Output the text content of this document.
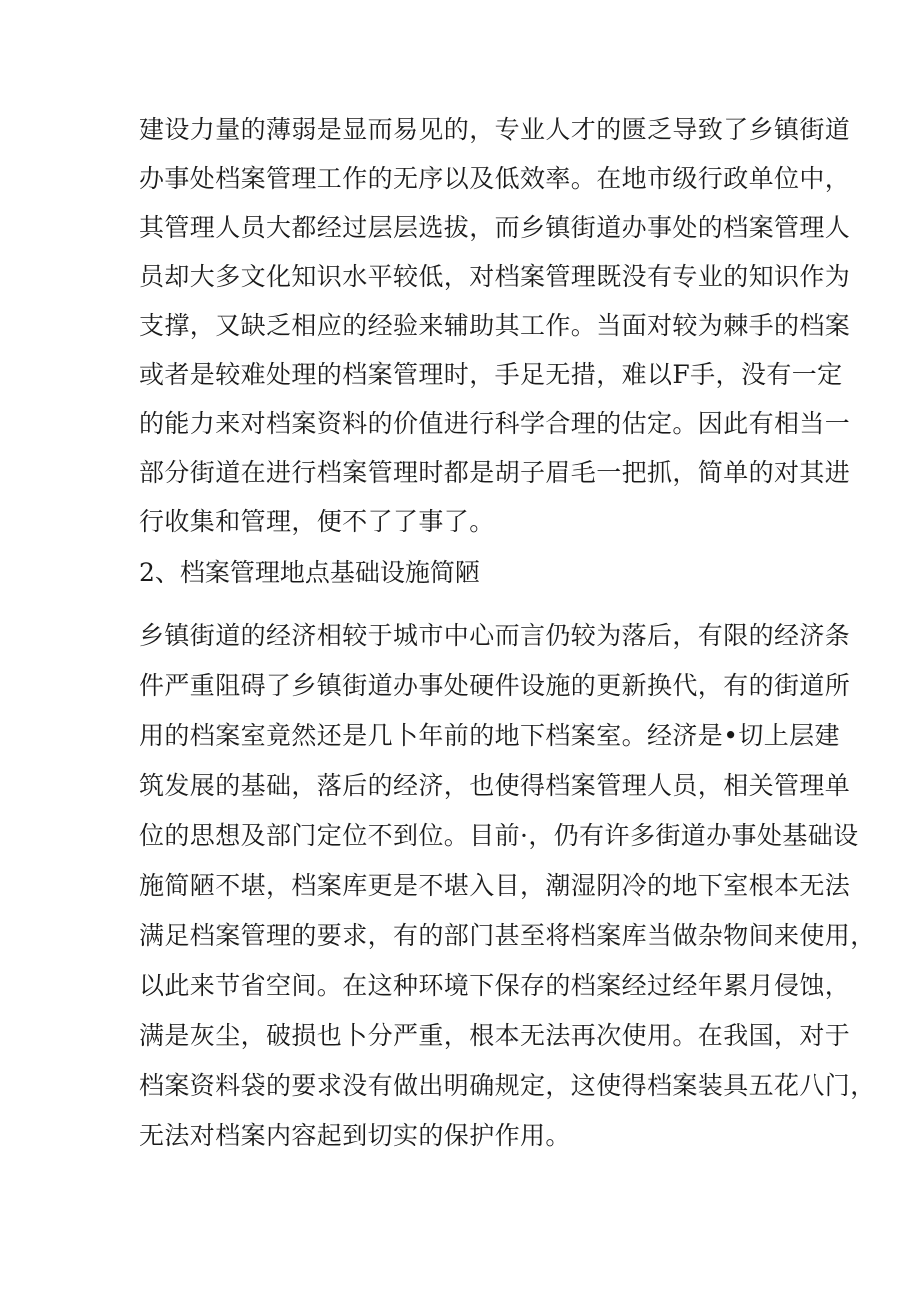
建设力量的薄弱是显而易见的，专业人才的匮乏导致了乡镇街道
办事处档案管理工作的无序以及低效率。在地市级行政单位中，
其管理人员大都经过层层选拔，而乡镇街道办事处的档案管理人
员却大多文化知识水平较低，对档案管理既没有专业的知识作为
支撑，又缺乏相应的经验来辅助其工作。当面对较为棘手的档案
或者是较难处理的档案管理时，手足无措，难以F手，没有一定
的能力来对档案资料的价值进行科学合理的估定。因此有相当一
部分街道在进行档案管理时都是胡子眉毛一把抓，简单的对其进
行收集和管理，便不了了事了。
2、档案管理地点基础设施简陋
乡镇街道的经济相较于城市中心而言仍较为落后，有限的经济条
件严重阻碍了乡镇街道办事处硬件设施的更新换代，有的街道所
用的档案室竟然还是几卜年前的地下档案室。经济是•切上层建
筑发展的基础，落后的经济，也使得档案管理人员，相关管理单
位的思想及部门定位不到位。目前·，仍有许多街道办事处基础设
施简陋不堪，档案库更是不堪入目，潮湿阴冷的地下室根本无法
满足档案管理的要求，有的部门甚至将档案库当做杂物间来使用，
以此来节省空间。在这种环境下保存的档案经过经年累月侵蚀，
满是灰尘，破损也卜分严重，根本无法再次使用。在我国，对于
档案资料袋的要求没有做出明确规定，这使得档案装具五花八门，
无法对档案内容起到切实的保护作用。
